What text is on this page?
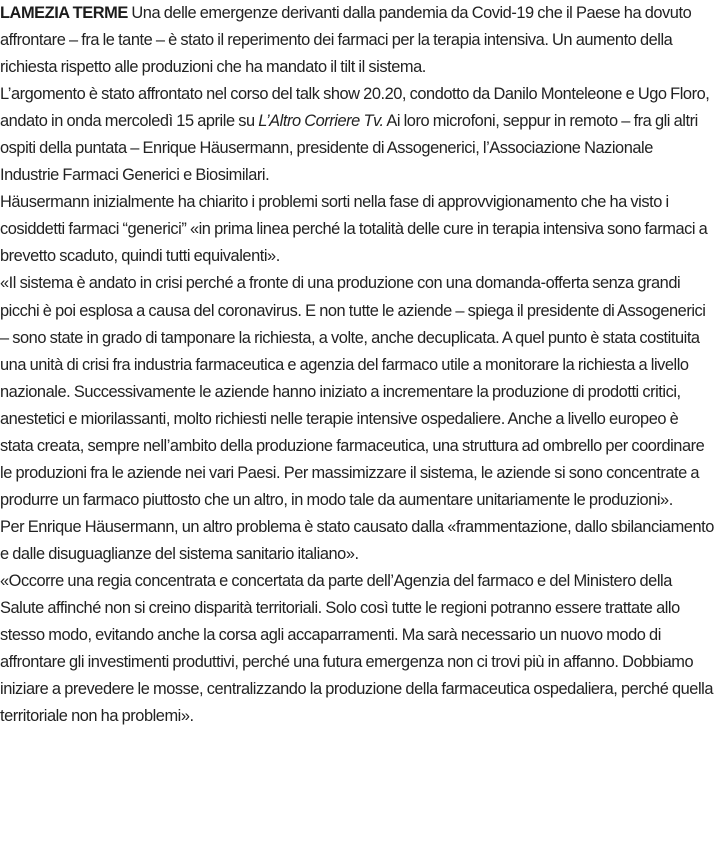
LAMEZIA TERME Una delle emergenze derivanti dalla pandemia da Covid-19 che il Paese ha dovuto affrontare – fra le tante – è stato il reperimento dei farmaci per la terapia intensiva. Un aumento della richiesta rispetto alle produzioni che ha mandato il tilt il sistema.

L’argomento è stato affrontato nel corso del talk show 20.20, condotto da Danilo Monteleone e Ugo Floro, andato in onda mercoledì 15 aprile su L’Altro Corriere Tv. Ai loro microfoni, seppur in remoto – fra gli altri ospiti della puntata – Enrique Häusermann, presidente di Assogenerici, l’Associazione Nazionale Industrie Farmaci Generici e Biosimilari.

Häusermann inizialmente ha chiarito i problemi sorti nella fase di approvvigionamento che ha visto i cosiddetti farmaci “generici” «in prima linea perché la totalità delle cure in terapia intensiva sono farmaci a brevetto scaduto, quindi tutti equivalenti».

«Il sistema è andato in crisi perché a fronte di una produzione con una domanda-offerta senza grandi picchi è poi esplosa a causa del coronavirus. E non tutte le aziende – spiega il presidente di Assogenerici – sono state in grado di tamponare la richiesta, a volte, anche decuplicata. A quel punto è stata costituita una unità di crisi fra industria farmaceutica e agenzia del farmaco utile a monitorare la richiesta a livello nazionale. Successivamente le aziende hanno iniziato a incrementare la produzione di prodotti critici, anestetici e miorilassanti, molto richiesti nelle terapie intensive ospedaliere. Anche a livello europeo è stata creata, sempre nell’ambito della produzione farmaceutica, una struttura ad ombrello per coordinare le produzioni fra le aziende nei vari Paesi. Per massimizzare il sistema, le aziende si sono concentrate a produrre un farmaco piuttosto che un altro, in modo tale da aumentare unitariamente le produzioni».

Per Enrique Häusermann, un altro problema è stato causato dalla «frammentazione, dallo sbilanciamento e dalle disuguaglianze del sistema sanitario italiano».

«Occorre una regia concentrata e concertata da parte dell’Agenzia del farmaco e del Ministero della Salute affinché non si creino disparità territoriali. Solo così tutte le regioni potranno essere trattate allo stesso modo, evitando anche la corsa agli accaparramenti. Ma sarà necessario un nuovo modo di affrontare gli investimenti produttivi, perché una futura emergenza non ci trovi più in affanno. Dobbiamo iniziare a prevedere le mosse, centralizzando la produzione della farmaceutica ospedaliera, perché quella territoriale non ha problemi».
